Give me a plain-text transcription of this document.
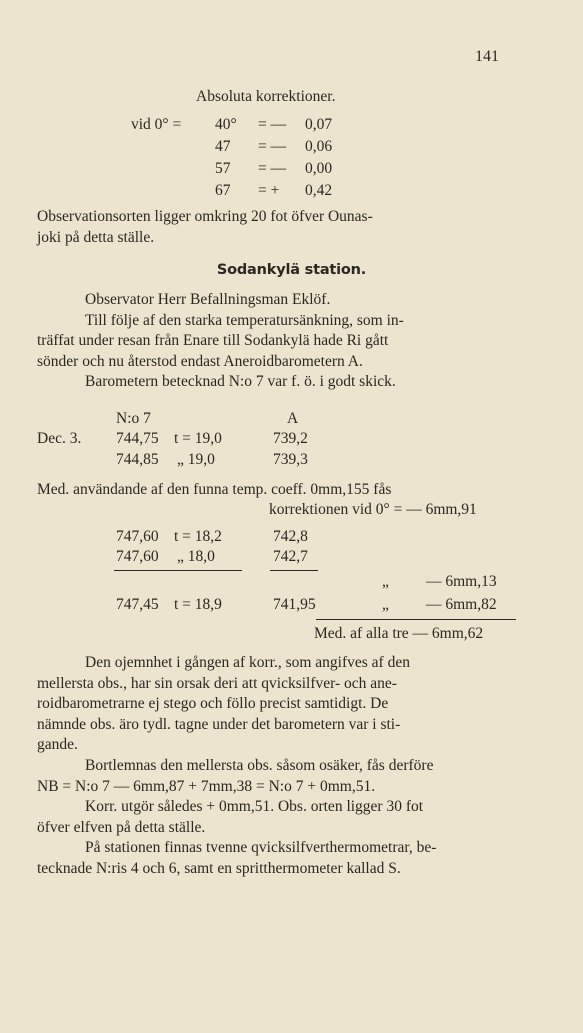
141
Absoluta korrektioner.
vid 0° = 40° = — 0,07
47 = — 0,06
57 = — 0,00
67 = + 0,42
Observationsorten ligger omkring 20 fot öfver Ounas-
joki på detta ställe.
Sodankylä station.
Observator Herr Befallningsman Eklöf.
Till följe af den starka temperatursänkning, som in-
träffat under resan från Enare till Sodankylä hade Ri gått
sönder och nu återstod endast Aneroidbarometern A.
Barometern betecknad N:o 7 var f. ö. i godt skick.
N:o 7	A
Dec. 3. 744,75 t = 19,0	739,2
744,85 „ 19,0	739,3
Med. användande af den funna temp. coeff. 0mm,155 fås
korrektionen vid 0° = — 6mm,91
747,60 t = 18,2	742,8
747,60 „ 18,0	742,7
„ — 6mm,13
747,45 t = 18,9	741,95	„ — 6mm,82
Med. af alla tre — 6mm,62
Den ojemnhet i gången af korr., som angifves af den
mellersta obs., har sin orsak deri att qvicksilfver- och ane-
roidbarometrarne ej stego och föllo precist samtidigt. De
nämnde obs. äro tydl. tagne under det barometern var i sti-
gande.
Bortlemnas den mellersta obs. såsom osäker, fås derföre
NB = N:o 7 — 6mm,87 + 7mm,38 = N:o 7 + 0mm,51.
Korr. utgör således + 0mm,51. Obs. orten ligger 30 fot
öfver elfven på detta ställe.
På stationen finnas tvenne qvicksilfverthermometrar, be-
tecknade N:ris 4 och 6, samt en spritthermometer kallad S.
